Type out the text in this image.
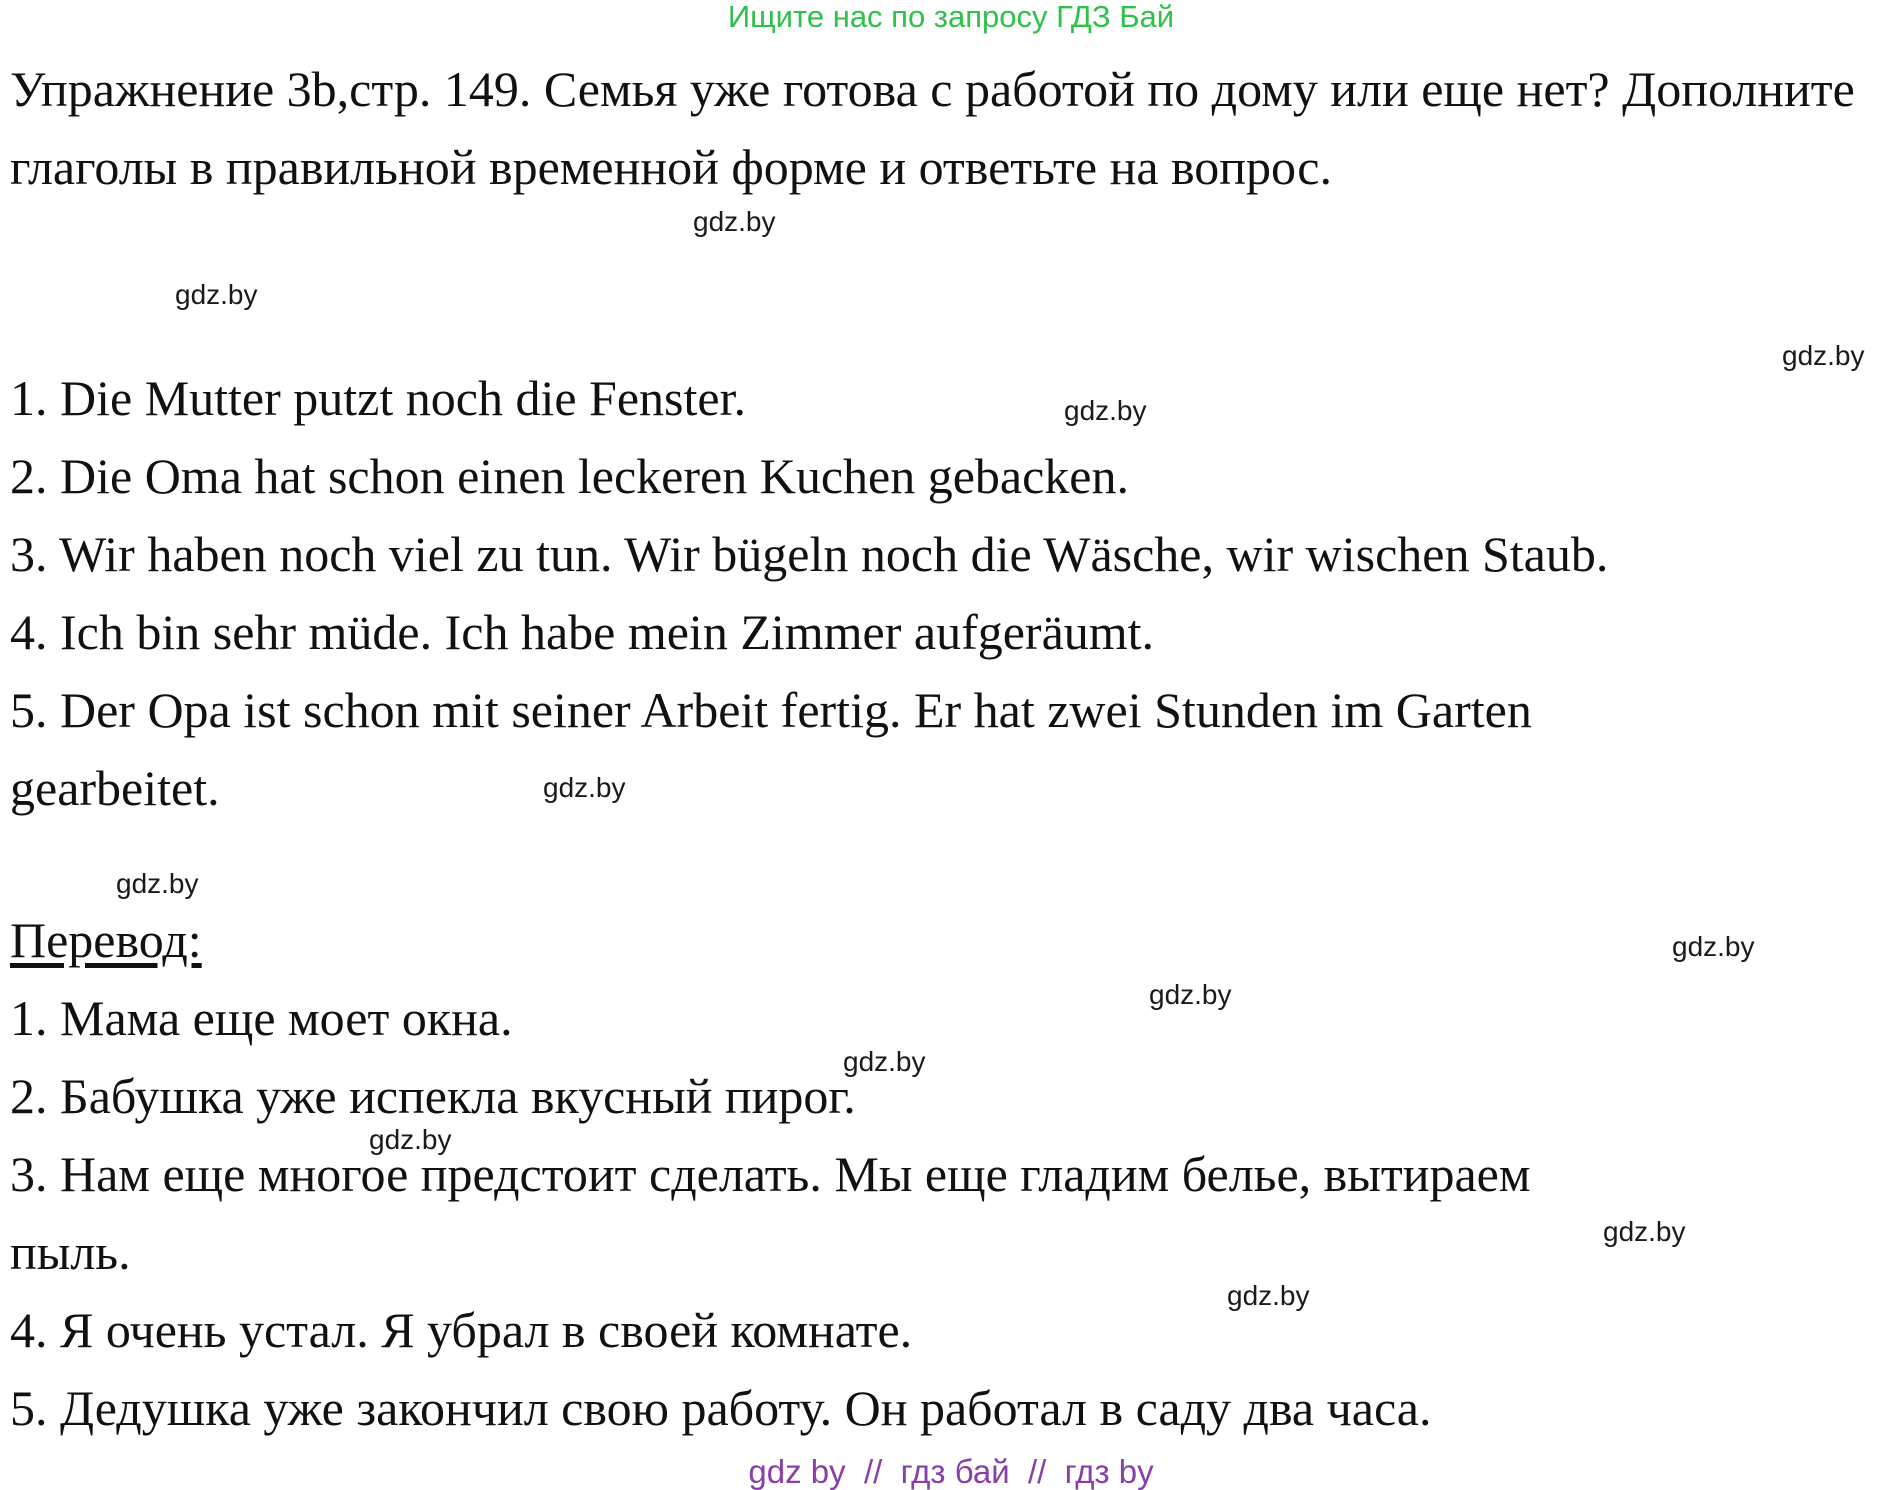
Ищите нас по запросу ГДЗ Бай
Упражнение 3b,стр. 149. Семья уже готова с работой по дому или еще нет? Дополните глаголы в правильной временной форме и ответьте на вопрос.
1. Die Mutter putzt noch die Fenster.
2. Die Oma hat schon einen leckeren Kuchen gebacken.
3. Wir haben noch viel zu tun. Wir bügeln noch die Wäsche, wir wischen Staub.
4. Ich bin sehr müde. Ich habe mein Zimmer aufgeräumt.
5. Der Opa ist schon mit seiner Arbeit fertig. Er hat zwei Stunden im Garten
gearbeitet.
Перевод:
1. Мама еще моет окна.
2. Бабушка уже испекла вкусный пирог.
3. Нам еще многое предстоит сделать. Мы еще гладим белье, вытираем
пыль.
4. Я очень устал. Я убрал в своей комнате.
5. Дедушка уже закончил свою работу. Он работал в саду два часа.
gdz.by
gdz.by
gdz.by
gdz.by
gdz.by
gdz.by
gdz.by
gdz.by
gdz.by
gdz.by
gdz.by
gdz.by
gdz by  //  гдз бай  //  гдз by
